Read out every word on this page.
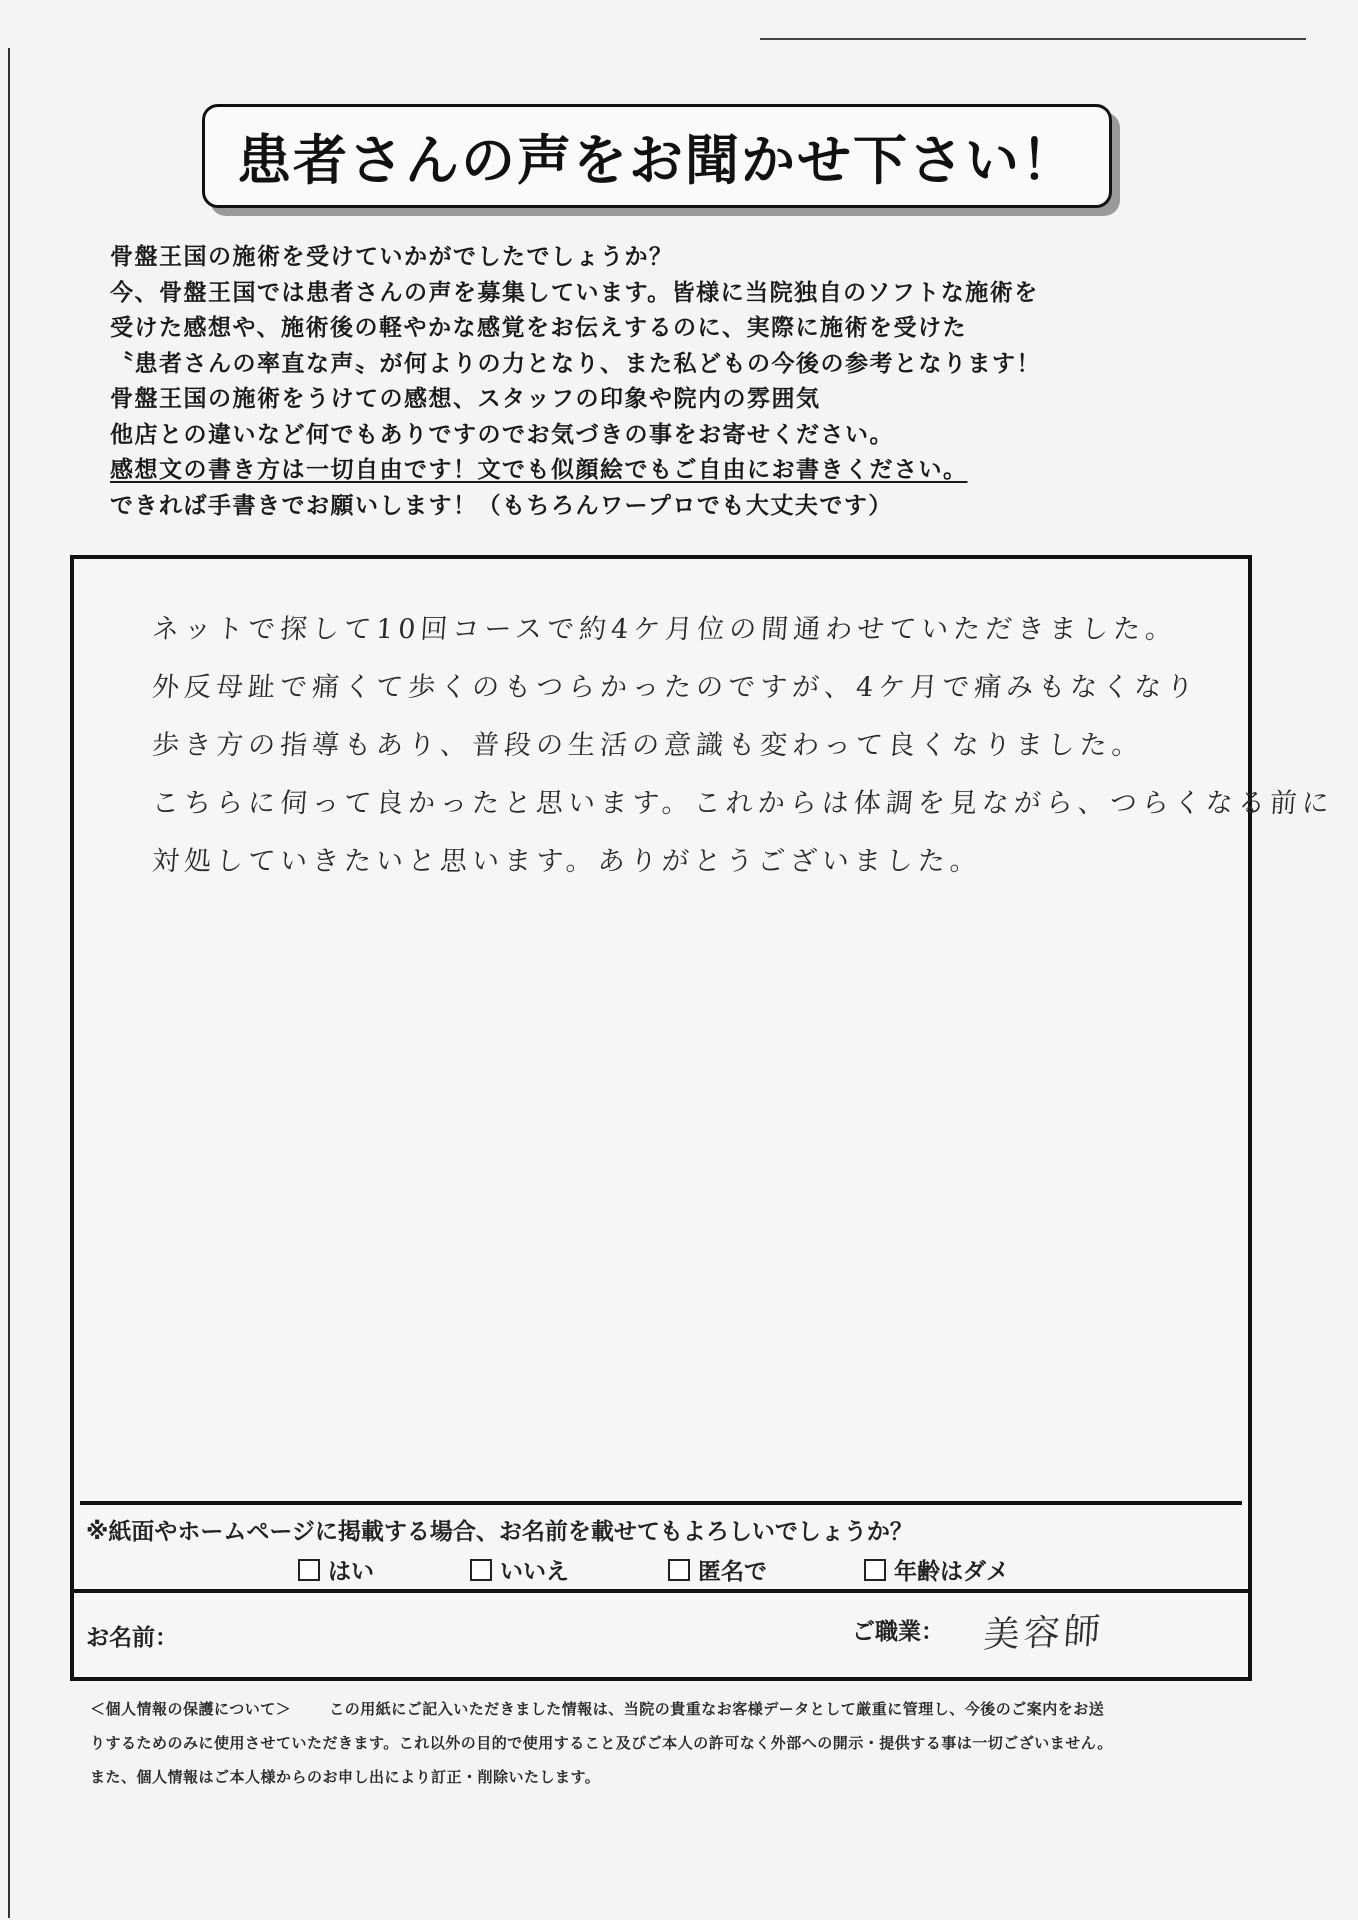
患者さんの声をお聞かせ下さい！
骨盤王国の施術を受けていかがでしたでしょうか？
今、骨盤王国では患者さんの声を募集しています。皆様に当院独自のソフトな施術を
受けた感想や、施術後の軽やかな感覚をお伝えするのに、実際に施術を受けた
〝患者さんの率直な声〟が何よりの力となり、また私どもの今後の参考となります！
骨盤王国の施術をうけての感想、スタッフの印象や院内の雰囲気
他店との違いなど何でもありですのでお気づきの事をお寄せください。
感想文の書き方は一切自由です！文でも似顔絵でもご自由にお書きください。
できれば手書きでお願いします！（もちろんワープロでも大丈夫です）
ネットで探して10回コースで約4ケ月位の間通わせていただきました。
外反母趾で痛くて歩くのもつらかったのですが、4ケ月で痛みもなくなり
歩き方の指導もあり、普段の生活の意識も変わって良くなりました。
こちらに伺って良かったと思います。これからは体調を見ながら、つらくなる前に
対処していきたいと思います。ありがとうございました。
※紙面やホームページに掲載する場合、お名前を載せてもよろしいでしょうか？
はい	いいえ	匿名で	年齢はダメ
お名前：	ご職業： 美容師
＜個人情報の保護について＞	この用紙にご記入いただきました情報は、当院の貴重なお客様データとして厳重に管理し、今後のご案内をお送
りするためのみに使用させていただきます。これ以外の目的で使用すること及びご本人の許可なく外部への開示・提供する事は一切ございません。
また、個人情報はご本人様からのお申し出により訂正・削除いたします。
